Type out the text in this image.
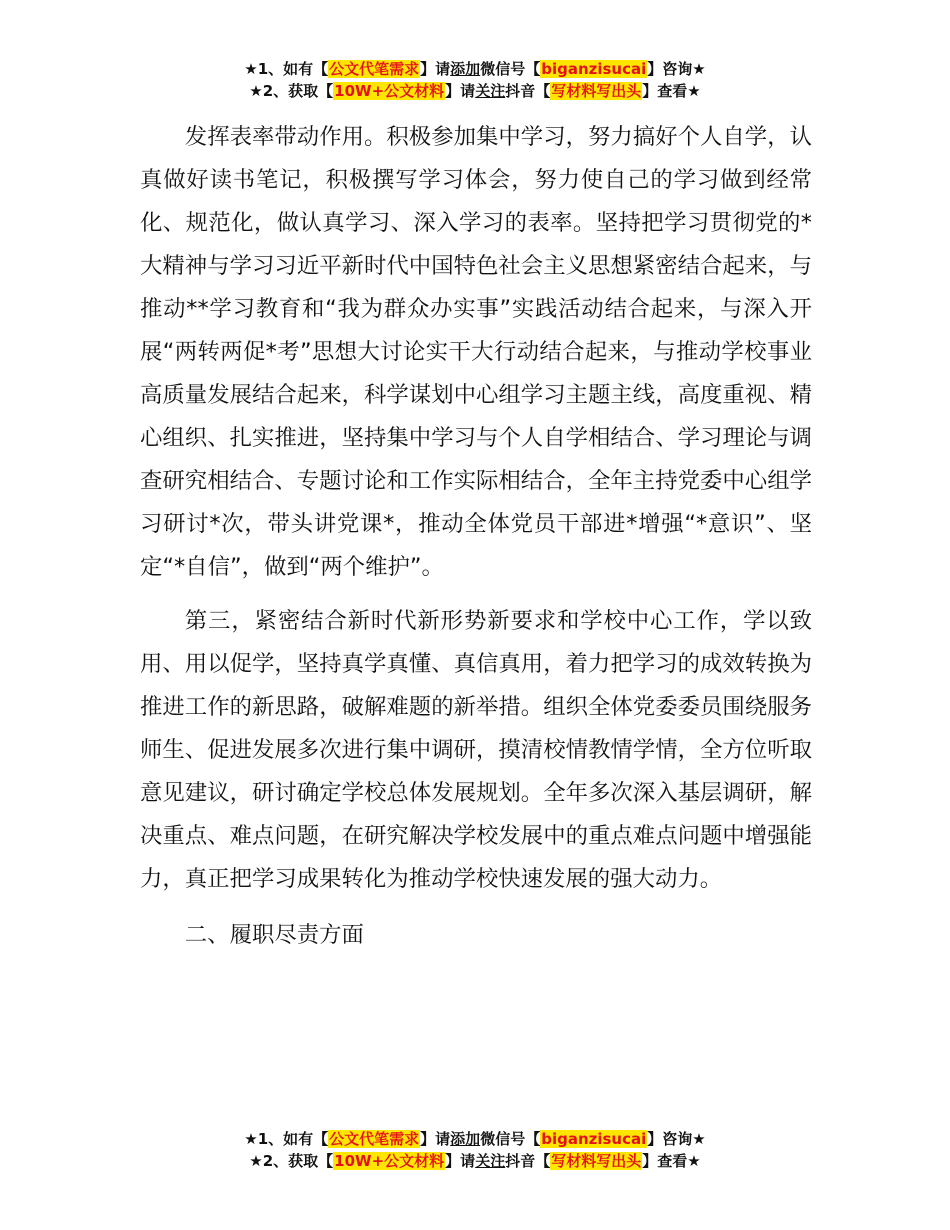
★1、如有【公文代笔需求】请添加微信号【biganzisucai】咨询★
★2、获取【10W+公文材料】请关注抖音【写材料写出头】查看★

发挥表率带动作用。积极参加集中学习，努力搞好个人自学，认真做好读书笔记，积极撰写学习体会，努力使自己的学习做到经常化、规范化，做认真学习、深入学习的表率。坚持把学习贯彻党的*大精神与学习习近平新时代中国特色社会主义思想紧密结合起来，与推动**学习教育和“我为群众办实事”实践活动结合起来，与深入开展“两转两促*考”思想大讨论实干大行动结合起来，与推动学校事业高质量发展结合起来，科学谋划中心组学习主题主线，高度重视、精心组织、扎实推进，坚持集中学习与个人自学相结合、学习理论与调查研究相结合、专题讨论和工作实际相结合，全年主持党委中心组学习研讨*次，带头讲党课*，推动全体党员干部进*增强“*意识”、坚定“*自信”，做到“两个维护”。

第三，紧密结合新时代新形势新要求和学校中心工作，学以致用、用以促学，坚持真学真懂、真信真用，着力把学习的成效转换为推进工作的新思路，破解难题的新举措。组织全体党委委员围绕服务师生、促进发展多次进行集中调研，摸清校情教情学情，全方位听取意见建议，研讨确定学校总体发展规划。全年多次深入基层调研，解决重点、难点问题，在研究解决学校发展中的重点难点问题中增强能力，真正把学习成果转化为推动学校快速发展的强大动力。

二、履职尽责方面

★1、如有【公文代笔需求】请添加微信号【biganzisucai】咨询★
★2、获取【10W+公文材料】请关注抖音【写材料写出头】查看★
